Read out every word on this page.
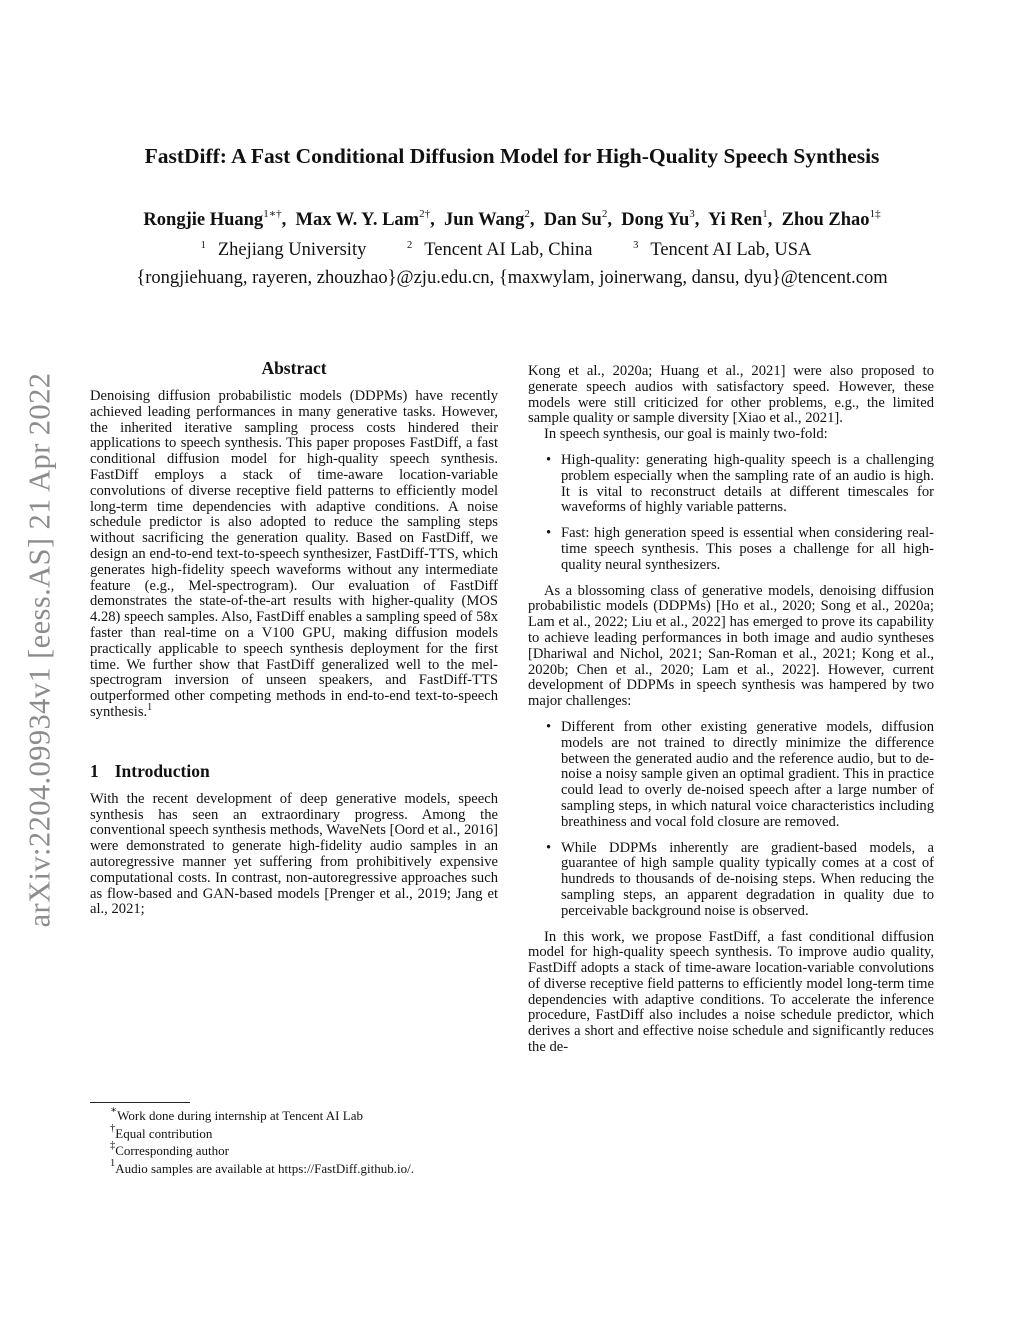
arXiv:2204.09934v1 [eess.AS] 21 Apr 2022
FastDiff: A Fast Conditional Diffusion Model for High-Quality Speech Synthesis
Rongjie Huang$^{1∗\dagger}$,  Max W. Y. Lam$^{2\dagger}$,  Jun Wang$^2$,  Dan Su$^2$,  Dong Yu$^3$,  Yi Ren$^1$,  Zhou Zhao$^{1\ddagger}$
$^1$ Zhejiang University	$^2$ Tencent AI Lab, China	$^3$ Tencent AI Lab, USA
{rongjiehuang, rayeren, zhouzhao}@zju.edu.cn, {maxwylam, joinerwang, dansu, dyu}@tencent.com
Abstract

Denoising diffusion probabilistic models (DDPMs) have recently achieved leading performances in many generative tasks. However, the inherited iterative sampling process costs hindered their applications to speech synthesis. This paper proposes FastDiff, a fast conditional diffusion model for high-quality speech synthesis. FastDiff employs a stack of time-aware location-variable convolutions of diverse receptive field patterns to efficiently model long-term time dependencies with adaptive conditions. A noise schedule predictor is also adopted to reduce the sampling steps without sacrificing the generation quality. Based on FastDiff, we design an end-to-end text-to-speech synthesizer, FastDiff-TTS, which generates high-fidelity speech waveforms without any intermediate feature (e.g., Mel-spectrogram). Our evaluation of FastDiff demonstrates the state-of-the-art results with higher-quality (MOS 4.28) speech samples. Also, FastDiff enables a sampling speed of 58x faster than real-time on a V100 GPU, making diffusion models practically applicable to speech synthesis deployment for the first time. We further show that FastDiff generalized well to the mel-spectrogram inversion of unseen speakers, and FastDiff-TTS outperformed other competing methods in end-to-end text-to-speech synthesis.$^1$

1 Introduction

With the recent development of deep generative models, speech synthesis has seen an extraordinary progress. Among the conventional speech synthesis methods, WaveNets [Oord et al., 2016] were demonstrated to generate high-fidelity audio samples in an autoregressive manner yet suffering from prohibitively expensive computational costs. In contrast, non-autoregressive approaches such as flow-based and GAN-based models [Prenger et al., 2019; Jang et al., 2021;

Kong et al., 2020a; Huang et al., 2021] were also proposed to generate speech audios with satisfactory speed. However, these models were still criticized for other problems, e.g., the limited sample quality or sample diversity [Xiao et al., 2021].

In speech synthesis, our goal is mainly two-fold:

• High-quality: generating high-quality speech is a challenging problem especially when the sampling rate of an audio is high. It is vital to reconstruct details at different timescales for waveforms of highly variable patterns.
• Fast: high generation speed is essential when considering real-time speech synthesis. This poses a challenge for all high-quality neural synthesizers.

As a blossoming class of generative models, denoising diffusion probabilistic models (DDPMs) [Ho et al., 2020; Song et al., 2020a; Lam et al., 2022; Liu et al., 2022] has emerged to prove its capability to achieve leading performances in both image and audio syntheses [Dhariwal and Nichol, 2021; San-Roman et al., 2021; Kong et al., 2020b; Chen et al., 2020; Lam et al., 2022]. However, current development of DDPMs in speech synthesis was hampered by two major challenges:

• Different from other existing generative models, diffusion models are not trained to directly minimize the difference between the generated audio and the reference audio, but to de-noise a noisy sample given an optimal gradient. This in practice could lead to overly de-noised speech after a large number of sampling steps, in which natural voice characteristics including breathiness and vocal fold closure are removed.
• While DDPMs inherently are gradient-based models, a guarantee of high sample quality typically comes at a cost of hundreds to thousands of de-noising steps. When reducing the sampling steps, an apparent degradation in quality due to perceivable background noise is observed.

In this work, we propose FastDiff, a fast conditional diffusion model for high-quality speech synthesis. To improve audio quality, FastDiff adopts a stack of time-aware location-variable convolutions of diverse receptive field patterns to efficiently model long-term time dependencies with adaptive conditions. To accelerate the inference procedure, FastDiff also includes a noise schedule predictor, which derives a short and effective noise schedule and significantly reduces the de-

∗Work done during internship at Tencent AI Lab
†Equal contribution
‡Corresponding author
$^1$Audio samples are available at https://FastDiff.github.io/.
